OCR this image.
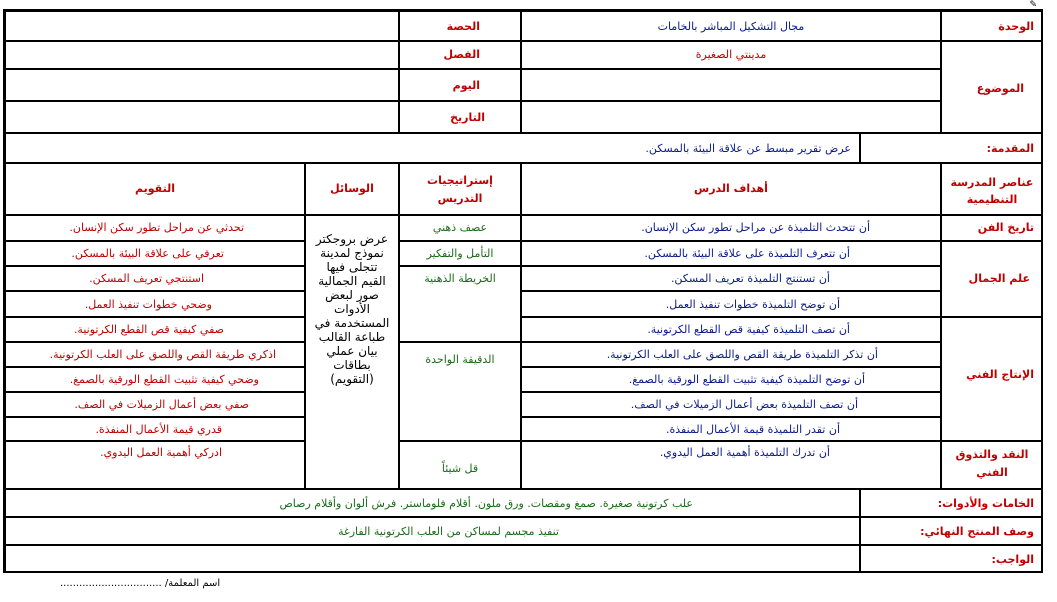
✎
الوحدة
مجال التشكيل المباشر بالخامات
الحصة
الموضوع
مدينتي الصغيرة
الفصل
اليوم
التاريخ
المقدمة:
عرض تقرير مبسط عن علاقة البيئة بالمسكن.
عناصر المدرسة التنظيمية
أهداف الدرس
إستراتيجيات التدريس
الوسائل
التقويم
تاريخ الفن
علم الجمال
الإنتاج الفني
النقد والتذوق الفني
أن تتحدث التلميذة عن مراحل تطور سكن الإنسان.
أن تتعرف التلميذة على علاقة البيئة بالمسكن.
أن تستنتج التلميذة تعريف المسكن.
أن توضح التلميذة خطوات تنفيذ العمل.
أن تصف التلميذة كيفية قص القطع الكرتونية.
أن تذكر التلميذة طريقة القص واللصق على العلب الكرتونية.
أن توضح التلميذة كيفية تثبيت القطع الورقية بالصمغ.
أن تصف التلميذة بعض أعمال الزميلات في الصف.
أن تقدر التلميذة قيمة الأعمال المنفذة.
أن تدرك التلميذة أهمية العمل اليدوي.
عصف ذهني
التأمل والتفكير
الخريطة الذهنية
الدقيقة الواحدة
قل شيئاً
عرض بروجكتر نموذج لمدينة تتجلى فيها القيم الجمالية صور لبعض الأدوات المستخدمة في طباعة القالب بيان عملي بطاقات (التقويم)
تحدثي عن مراحل تطور سكن الإنسان.
تعرفي على علاقة البيئة بالمسكن.
استنتجي تعريف المسكن.
وضحي خطوات تنفيذ العمل.
صفي كيفية قص القطع الكرتونية.
اذكري طريقة القص واللصق على العلب الكرتونية.
وضحي كيفية تثبيت القطع الورقية بالصمغ.
صفي بعض أعمال الزميلات في الصف.
قدري قيمة الأعمال المنفذة.
ادركي أهمية العمل اليدوي.
الخامات والأدوات:
علب كرتونية صغيرة. صمغ ومقصات. ورق ملون. أقلام فلوماستر. فرش ألوان وأقلام رصاص
وصف المنتج النهائي:
تنفيذ مجسم لمساكن من العلب الكرتونية الفارغة
الواجب:
اسم المعلمة/ ................................
